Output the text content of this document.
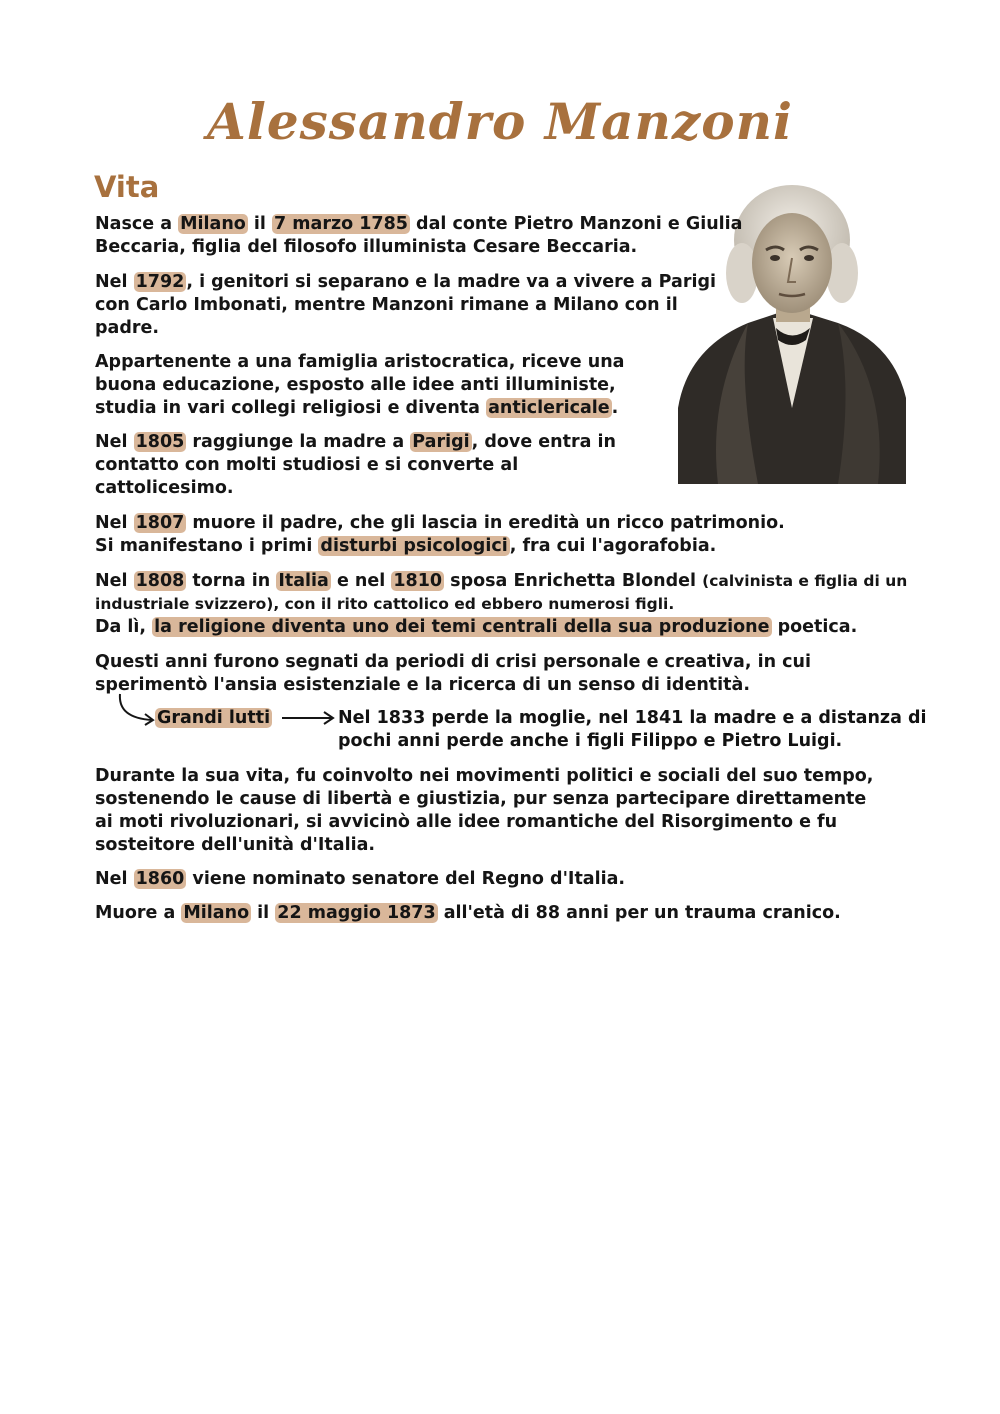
Alessandro Manzoni
Vita
Nasce a Milano il 7 marzo 1785 dal conte Pietro Manzoni e Giulia
Beccaria, figlia del filosofo illuminista Cesare Beccaria.
Nel 1792 , i genitori si separano e la madre va a vivere a Parigi
con Carlo Imbonati, mentre Manzoni rimane a Milano con il
padre.
Appartenente a una famiglia aristocratica, riceve una
buona educazione, esposto alle idee anti illuministe,
studia in vari collegi religiosi e diventa anticlericale .
Nel 1805 raggiunge la madre a Parigi , dove entra in
contatto con molti studiosi e si converte al
cattolicesimo.
Nel 1807 muore il padre, che gli lascia in eredità un ricco patrimonio.
Si manifestano i primi disturbi psicologici , fra cui l'agorafobia.
Nel 1808 torna in Italia e nel 1810 sposa Enrichetta Blondel (calvinista e figlia di un
industriale svizzero), con il rito cattolico ed ebbero numerosi figli.
Da lì, la religione diventa uno dei temi centrali della sua produzione poetica.
Questi anni furono segnati da periodi di crisi personale e creativa, in cui
sperimentò l'ansia esistenziale e la ricerca di un senso di identità.
Grandi lutti	Nel 1833 perde la moglie, nel 1841 la madre e a distanza di
pochi anni perde anche i figli Filippo e Pietro Luigi.
Durante la sua vita, fu coinvolto nei movimenti politici e sociali del suo tempo,
sostenendo le cause di libertà e giustizia, pur senza partecipare direttamente
ai moti rivoluzionari, si avvicinò alle idee romantiche del Risorgimento e fu
sosteitore dell'unità d'Italia.
Nel 1860 viene nominato senatore del Regno d'Italia.
Muore a Milano il 22 maggio 1873 all'età di 88 anni per un trauma cranico.
